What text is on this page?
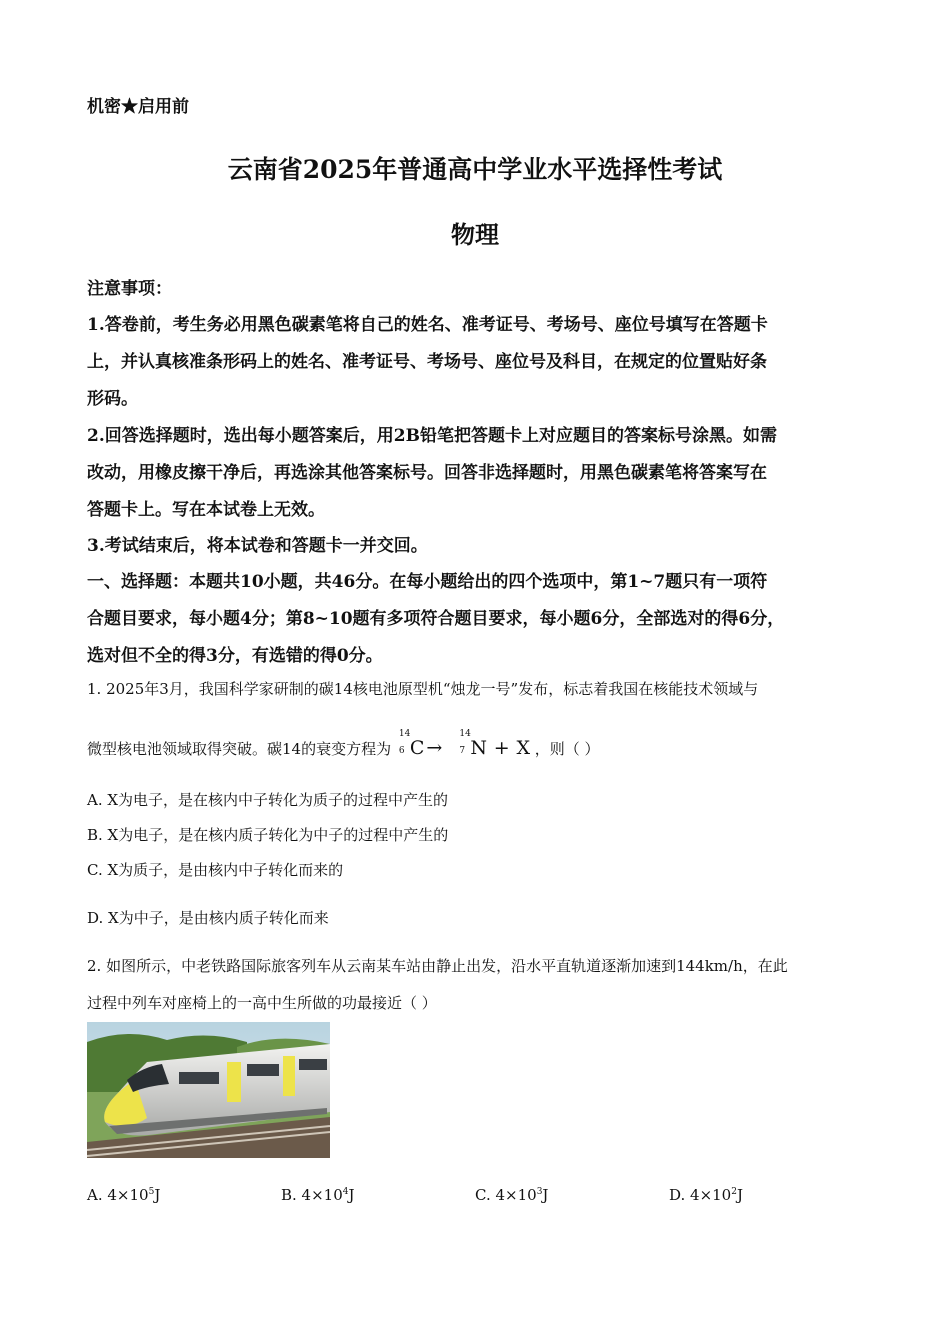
机密★启用前
云南省2025年普通高中学业水平选择性考试
物理
注意事项：
1.答卷前，考生务必用黑色碳素笔将自己的姓名、准考证号、考场号、座位号填写在答题卡
上，并认真核准条形码上的姓名、准考证号、考场号、座位号及科目，在规定的位置贴好条
形码。
2.回答选择题时，选出每小题答案后，用2B铅笔把答题卡上对应题目的答案标号涂黑。如需
改动，用橡皮擦干净后，再选涂其他答案标号。回答非选择题时，用黑色碳素笔将答案写在
答题卡上。写在本试卷上无效。
3.考试结束后，将本试卷和答题卡一并交回。
一、选择题：本题共10小题，共46分。在每小题给出的四个选项中，第1~7题只有一项符
合题目要求，每小题4分；第8~10题有多项符合题目要求，每小题6分，全部选对的得6分，
选对但不全的得3分，有选错的得0分。
1. 2025年3月，我国科学家研制的碳14核电池原型机“烛龙一号”发布，标志着我国在核能技术领域与
微型核电池领域取得突破。碳14的衰变方程为
14
6 C →
14
7 N + X ，则（ ）
A. X为电子，是在核内中子转化为质子的过程中产生的
B. X为电子，是在核内质子转化为中子的过程中产生的
C. X为质子，是由核内中子转化而来的
D. X为中子，是由核内质子转化而来
2. 如图所示，中老铁路国际旅客列车从云南某车站由静止出发，沿水平直轨道逐渐加速到144km/h，在此
过程中列车对座椅上的一高中生所做的功最接近（ ）
A. $4\times 10^5J$	B. $4\times 10^4J$	C. $4\times 10^3J$	D. $4\times 10^2J$
